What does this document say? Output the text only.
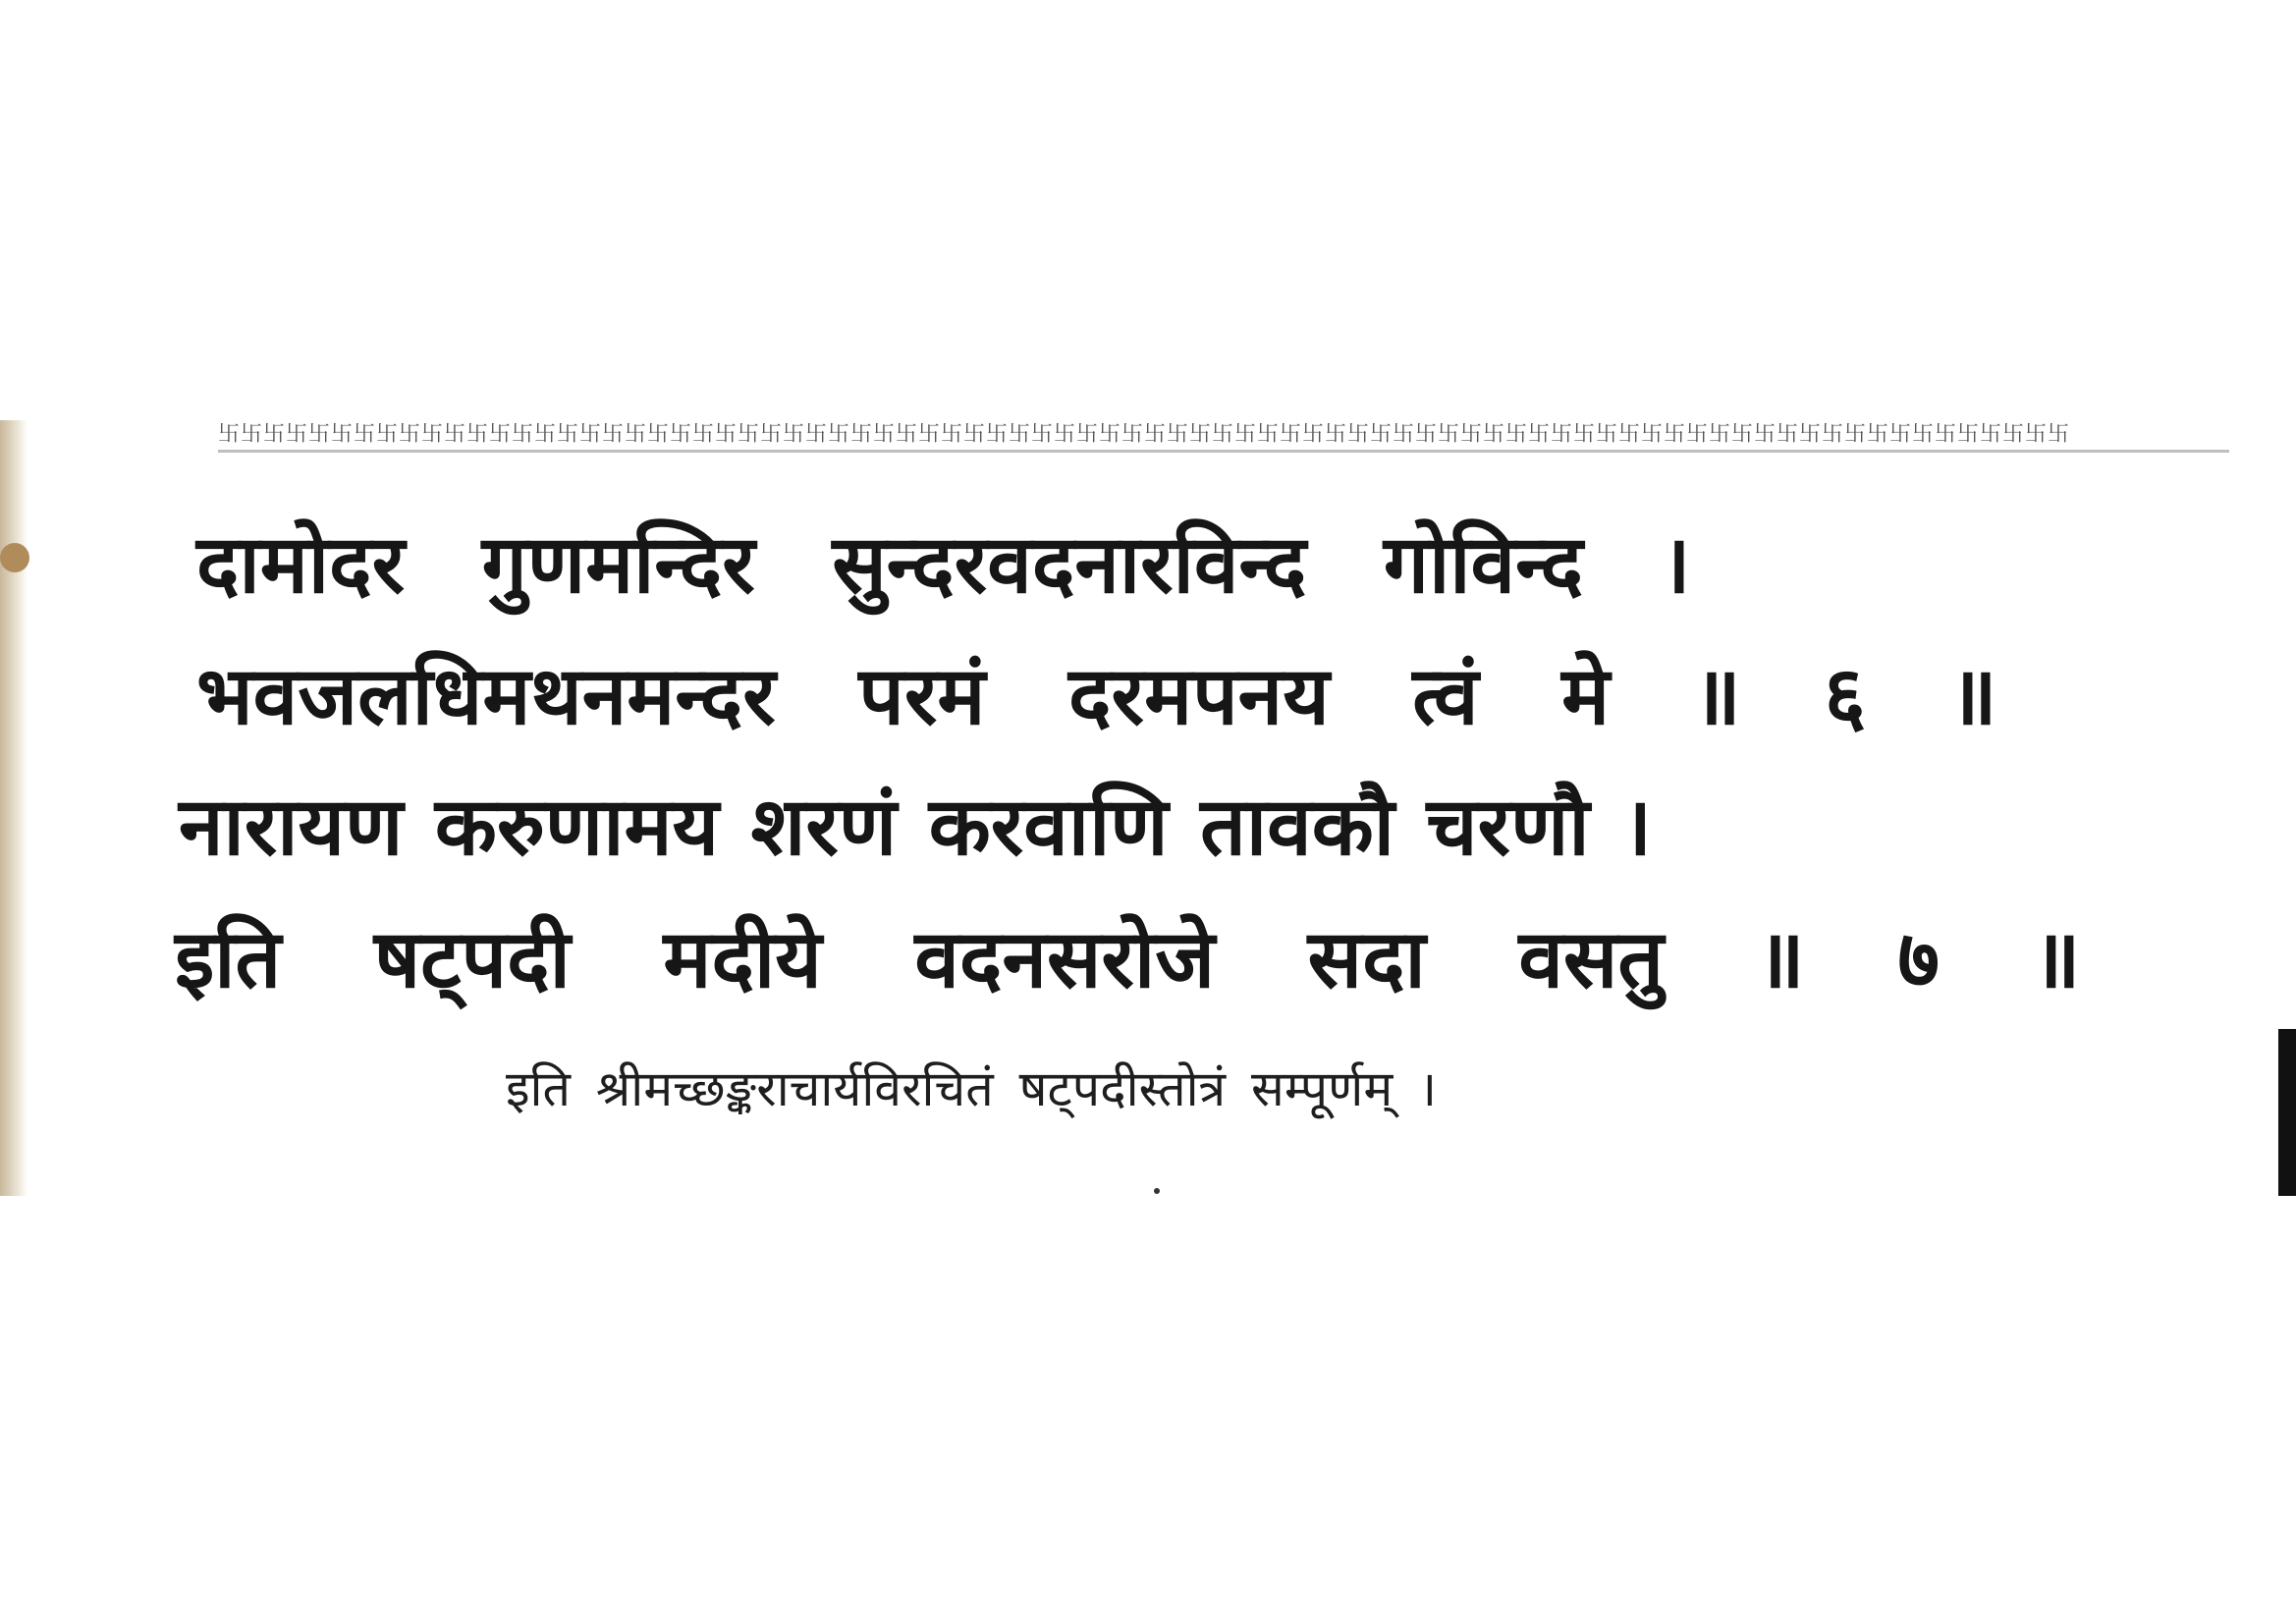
卐卐卐卐卐卐卐卐卐卐卐卐卐卐卐卐卐卐卐卐卐卐卐卐卐卐卐卐卐卐卐卐卐卐卐卐卐卐卐卐卐卐卐卐卐卐卐卐卐卐卐卐卐卐卐卐卐卐卐卐卐卐卐卐卐卐卐卐卐卐卐卐卐卐卐卐卐卐卐卐卐卐
दामोदर गुणमन्दिर सुन्दरवदनारविन्द गोविन्द ।
भवजलधिमथनमन्दर परमं दरमपनय त्वं मे ॥ ६ ॥
नारायण करुणामय शरणं करवाणि तावकौ चरणौ ।
इति षट्पदी मदीये वदनसरोजे सदा वसतु ॥ ७ ॥
इति श्रीमच्छङ्कराचार्यविरचितं षट्पदीस्तोत्रं सम्पूर्णम् ।
